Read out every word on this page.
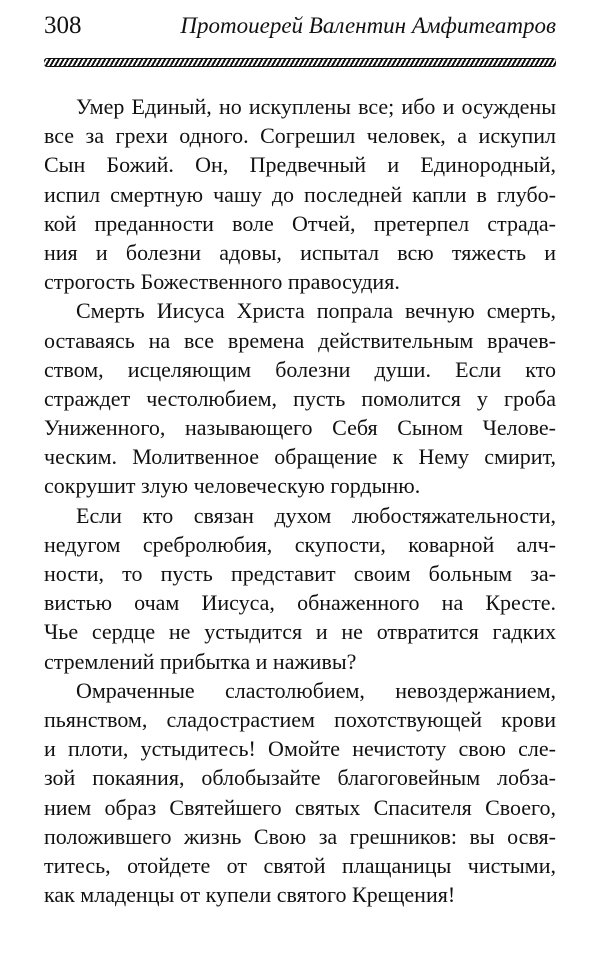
308	Протоиерей Валентин Амфитеатров
Умер Единый, но искуплены все; ибо и осуждены
все за грехи одного. Согрешил человек, а искупил
Сын Божий. Он, Предвечный и Единородный,
испил смертную чашу до последней капли в глубо-
кой преданности воле Отчей, претерпел страда-
ния и болезни адовы, испытал всю тяжесть и
строгость Божественного правосудия.
Смерть Иисуса Христа попрала вечную смерть,
оставаясь на все времена действительным врачев-
ством, исцеляющим болезни души. Если кто
страждет честолюбием, пусть помолится у гроба
Униженного, называющего Себя Сыном Челове-
ческим. Молитвенное обращение к Нему смирит,
сокрушит злую человеческую гордыню.
Если кто связан духом любостяжательности,
недугом сребролюбия, скупости, коварной алч-
ности, то пусть представит своим больным за-
вистью очам Иисуса, обнаженного на Кресте.
Чье сердце не устыдится и не отвратится гадких
стремлений прибытка и наживы?
Омраченные сластолюбием, невоздержанием,
пьянством, сладострастием похотствующей крови
и плоти, устыдитесь! Омойте нечистоту свою сле-
зой покаяния, облобызайте благоговейным лобза-
нием образ Святейшего святых Спасителя Своего,
положившего жизнь Свою за грешников: вы освя-
титесь, отойдете от святой плащаницы чистыми,
как младенцы от купели святого Крещения!
